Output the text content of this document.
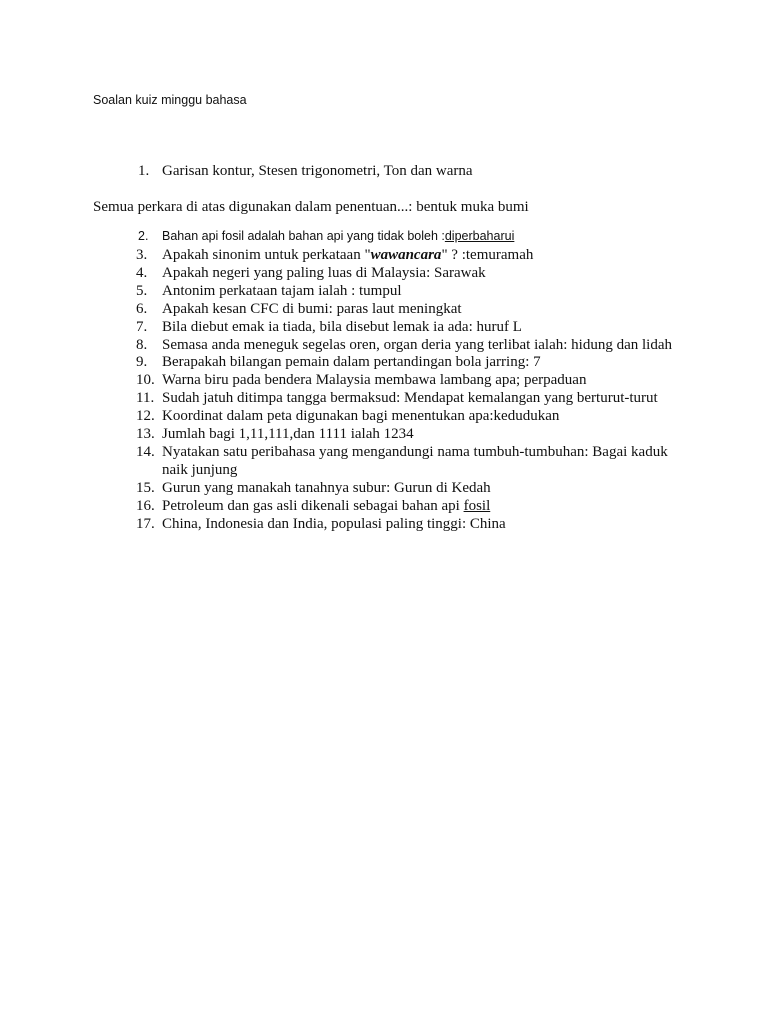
Soalan kuiz minggu bahasa
1. Garisan kontur, Stesen trigonometri, Ton dan warna
Semua perkara di atas digunakan dalam penentuan...: bentuk muka bumi
2. Bahan api fosil adalah bahan api yang tidak boleh :diperbaharui
3. Apakah sinonim untuk perkataan "wawancara" ? :temuramah
4. Apakah negeri yang paling luas di Malaysia: Sarawak
5. Antonim perkataan tajam ialah : tumpul
6. Apakah kesan CFC di bumi: paras laut meningkat
7. Bila diebut emak ia tiada, bila disebut lemak ia ada: huruf L
8. Semasa anda meneguk segelas oren, organ deria yang terlibat ialah: hidung dan lidah
9. Berapakah bilangan pemain dalam pertandingan bola jarring: 7
10. Warna biru pada bendera Malaysia membawa lambang apa; perpaduan
11. Sudah jatuh ditimpa tangga bermaksud: Mendapat kemalangan yang berturut-turut
12. Koordinat dalam peta digunakan bagi menentukan apa:kedudukan
13. Jumlah bagi 1,11,111,dan 1111 ialah 1234
14. Nyatakan satu peribahasa yang mengandungi nama tumbuh-tumbuhan: Bagai kaduk naik junjung
15. Gurun yang manakah tanahnya subur: Gurun di Kedah
16. Petroleum dan gas asli dikenali sebagai bahan api fosil
17. China, Indonesia dan India, populasi paling tinggi: China
